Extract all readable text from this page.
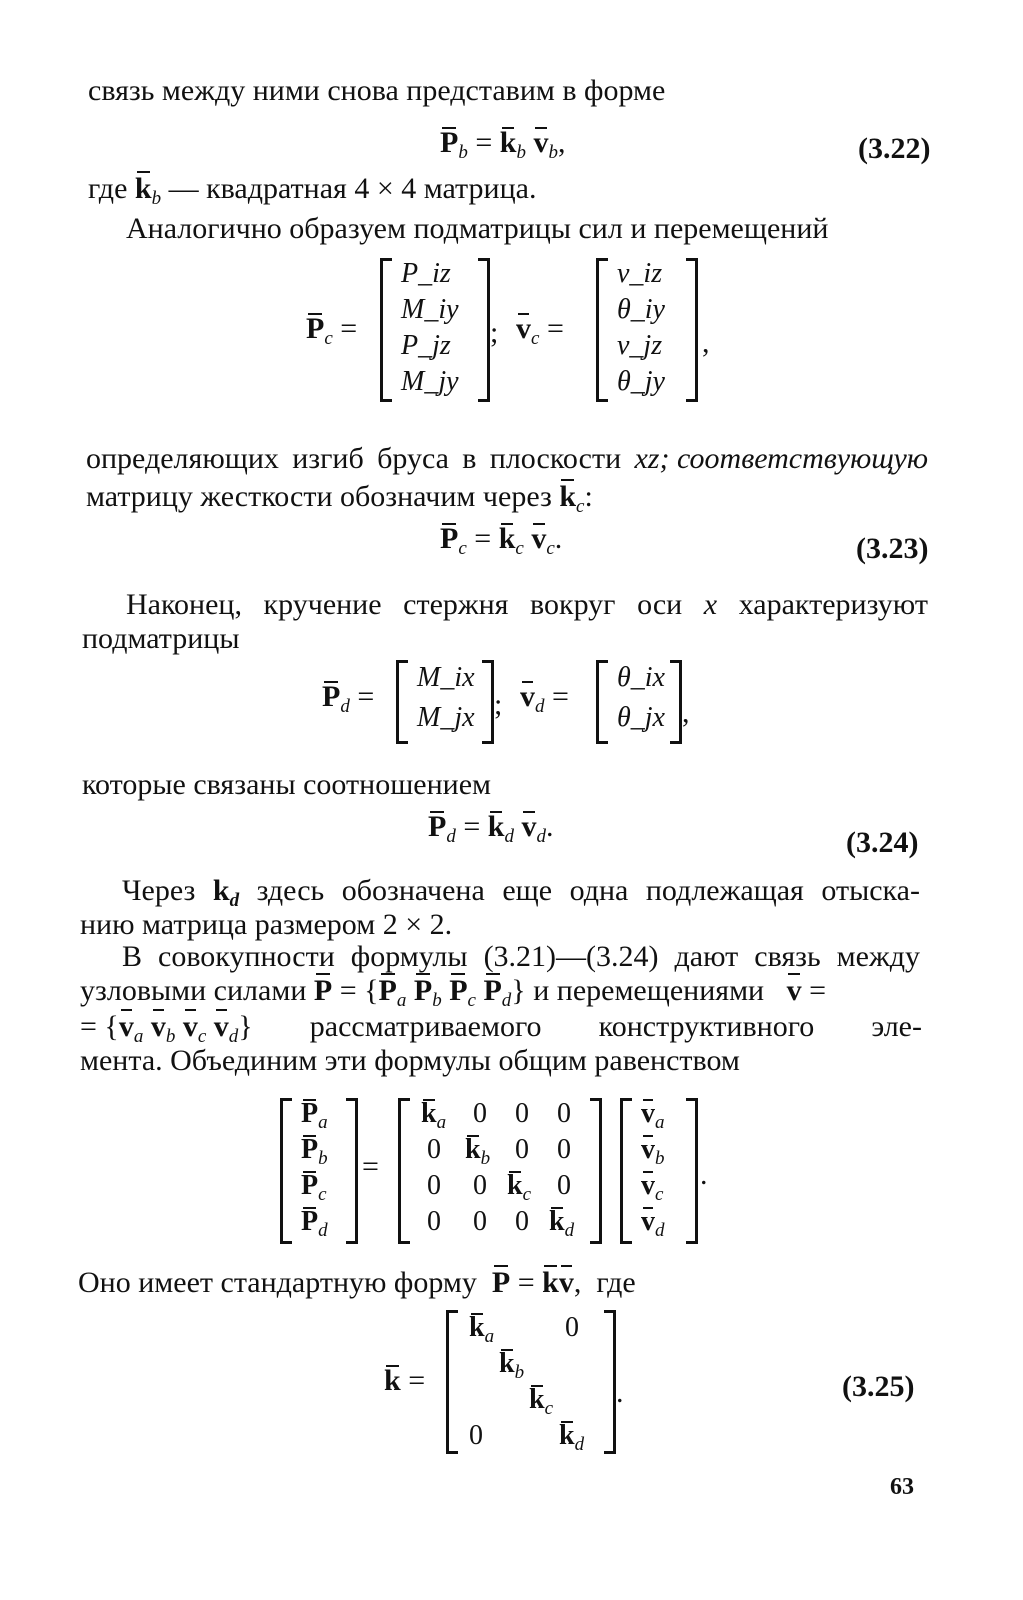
связь между ними снова представим в форме
$P_b = k_b$ $v_b$,	(3.22)
где $k_b$ — квадратная 4 × 4 матрица.
Аналогично образуем подматрицы сил и перемещений
$P_c$ =
P_iz
M_iy
P_jz
M_jy
; $v_c$ =
v_iz
θ_iy
v_jz
θ_jy
,
определяющих изгиб бруса в плоскости xz; соответствующую
матрицу жесткости обозначим через $k_c$:
$P_c = k_c$ $v_c$.	(3.23)
Наконец, кручение стержня вокруг оси x характеризуют
подматрицы
$P_d$ =
M_ix
M_jx ; $v_d$ =
θ_ix
θ_jx ,
которые связаны соотношением
$P_d = k_d$ $v_d$.	(3.24)
Через $k_d$ здесь обозначена еще одна подлежащая отыска-
нию матрица размером 2 × 2.
В совокупности формулы (3.21)—(3.24) дают связь между
узловыми силами $P = \{P_a$ $P_b$ $P_c$ $P_d$} и перемещениями v =
= {$v_a$ $v_b$ $v_c$ $v_d$} рассматриваемого конструктивного эле-
мента. Объединим эти формулы общим равенством
$P_a$
$P_b$
$P_c$
$P_d$
=
$k_a$ 0 0 0
0 $k_b$ 0 0
0 0 $k_c$ 0
0 0 0 $k_d$
$v_a$
$v_b$
$v_c$
$v_d$
.
Оно имеет стандартную форму P = kv,  где
k =
$k_a$	0
$k_b$
$k_c$
0	$k_d$
.	(3.25)
63
